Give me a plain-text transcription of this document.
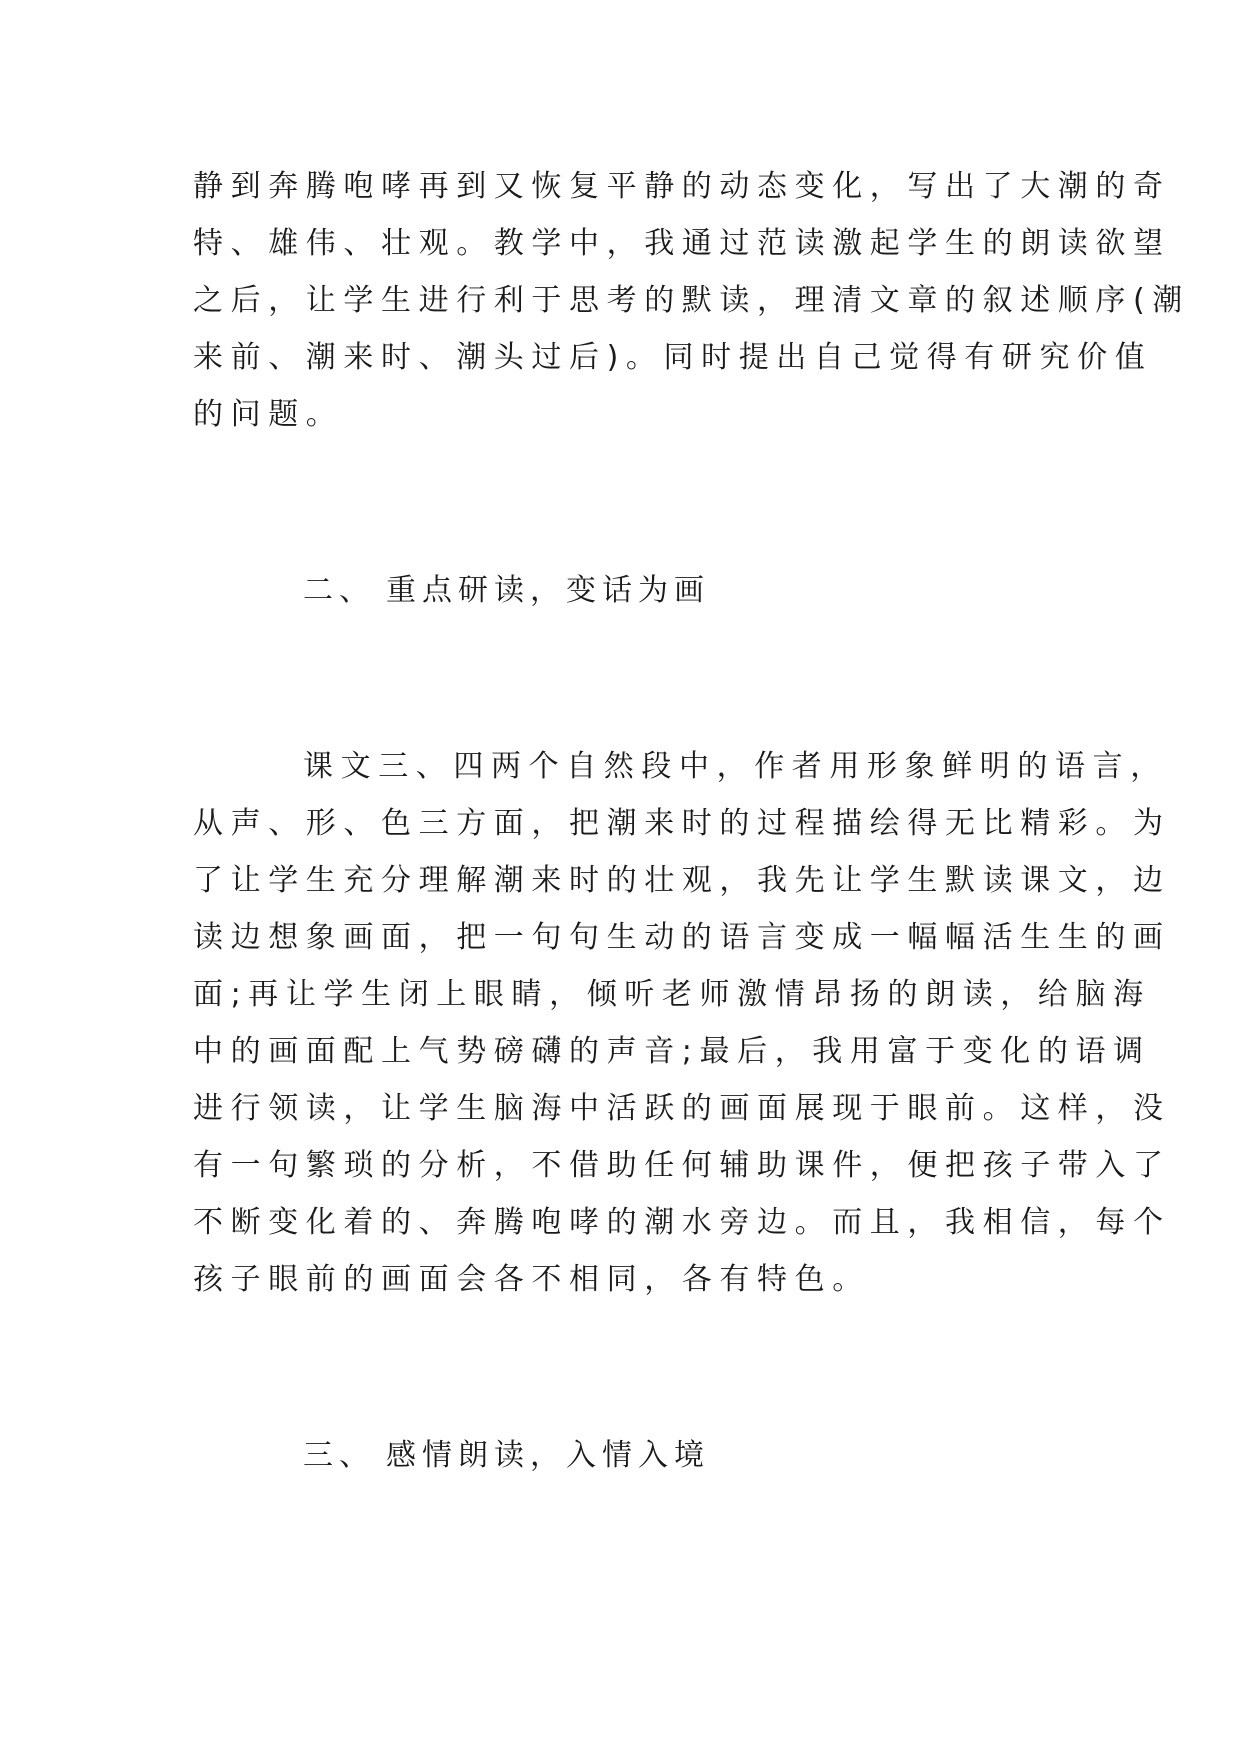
静到奔腾咆哮再到又恢复平静的动态变化，写出了大潮的奇
特、雄伟、壮观。教学中，我通过范读激起学生的朗读欲望
之后，让学生进行利于思考的默读，理清文章的叙述顺序(潮
来前、潮来时、潮头过后)。同时提出自己觉得有研究价值
的问题。
二、 重点研读，变话为画
课文三、四两个自然段中，作者用形象鲜明的语言，
从声、形、色三方面，把潮来时的过程描绘得无比精彩。为
了让学生充分理解潮来时的壮观，我先让学生默读课文，边
读边想象画面，把一句句生动的语言变成一幅幅活生生的画
面;再让学生闭上眼睛，倾听老师激情昂扬的朗读，给脑海
中的画面配上气势磅礴的声音;最后，我用富于变化的语调
进行领读，让学生脑海中活跃的画面展现于眼前。这样，没
有一句繁琐的分析，不借助任何辅助课件，便把孩子带入了
不断变化着的、奔腾咆哮的潮水旁边。而且，我相信，每个
孩子眼前的画面会各不相同，各有特色。
三、 感情朗读，入情入境
